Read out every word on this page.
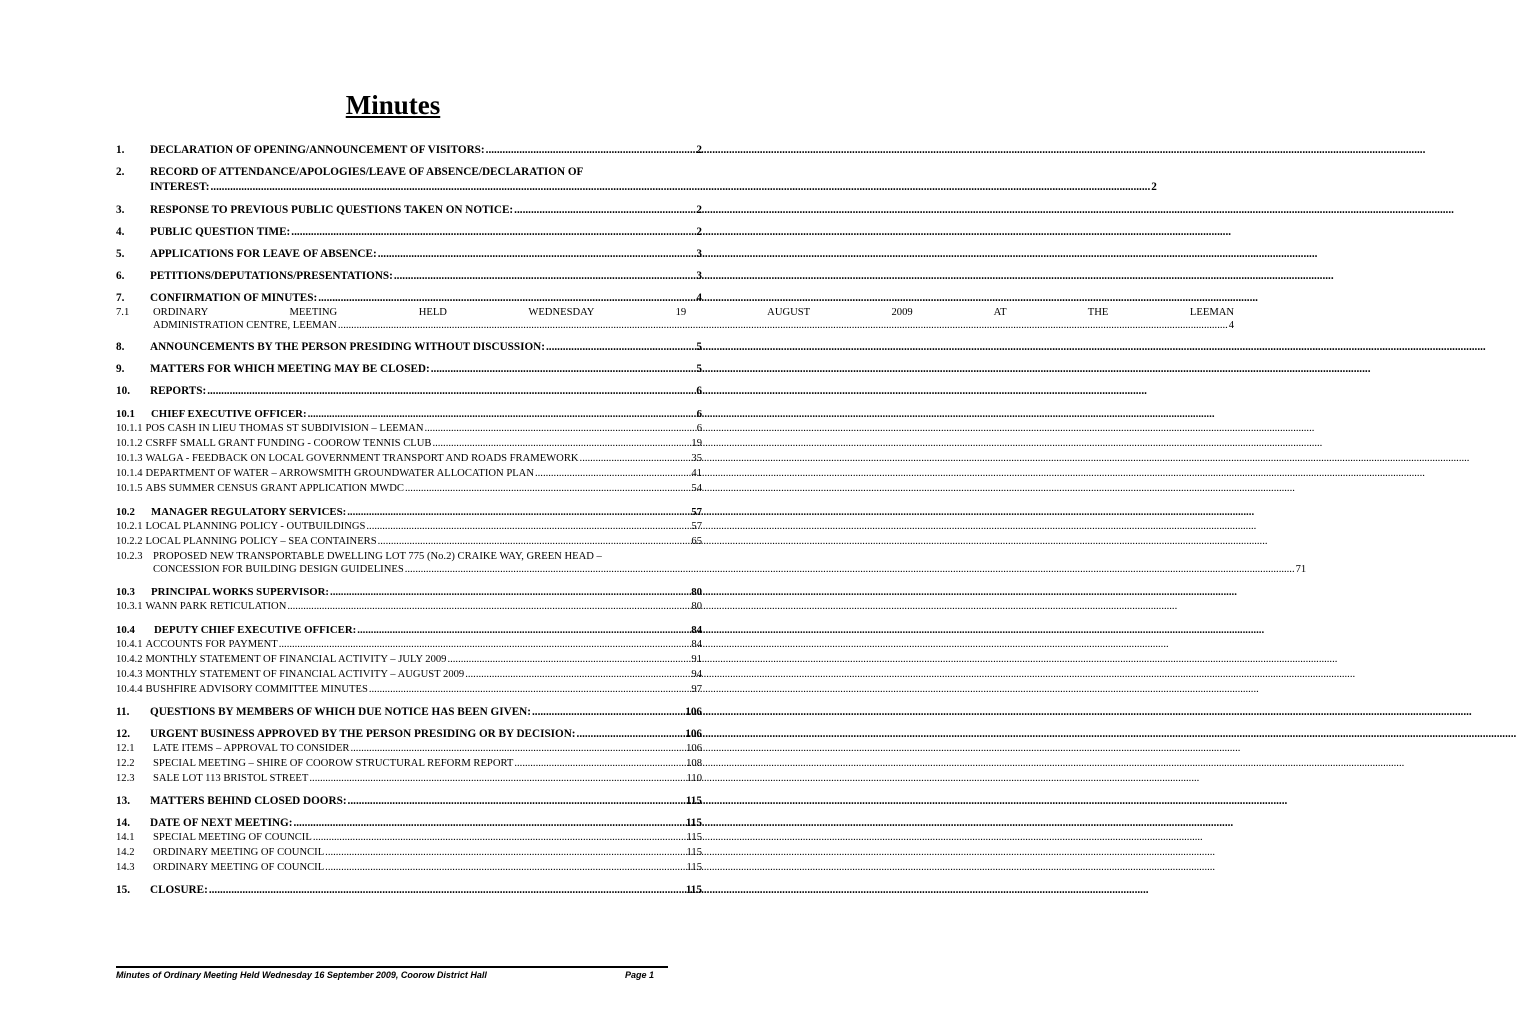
Minutes
1.	DECLARATION OF OPENING/ANNOUNCEMENT OF VISITORS: .....	2
2.	RECORD OF ATTENDANCE/APOLOGIES/LEAVE OF ABSENCE/DECLARATION OF
INTEREST: .....	2
3.	RESPONSE TO PREVIOUS PUBLIC QUESTIONS TAKEN ON NOTICE: .....	2
4.	PUBLIC QUESTION TIME: .....	2
5.	APPLICATIONS FOR LEAVE OF ABSENCE: .....	3
6.	PETITIONS/DEPUTATIONS/PRESENTATIONS: .....	3
7.	CONFIRMATION OF MINUTES: .....	4
7.1	ORDINARY MEETING HELD WEDNESDAY 19 AUGUST 2009 AT THE LEEMAN
ADMINISTRATION CENTRE, LEEMAN .....	4
8.	ANNOUNCEMENTS BY THE PERSON PRESIDING WITHOUT DISCUSSION: .....	5
9.	MATTERS FOR WHICH MEETING MAY BE CLOSED: .....	5
10.	REPORTS: .....	6
10.1	CHIEF EXECUTIVE OFFICER: .....	6
10.1.1 POS CASH IN LIEU THOMAS ST SUBDIVISION – LEEMAN .....	6
10.1.2 CSRFF SMALL GRANT FUNDING - COOROW TENNIS CLUB .....	19
10.1.3 WALGA - FEEDBACK ON LOCAL GOVERNMENT TRANSPORT AND ROADS FRAMEWORK .....	35
10.1.4 DEPARTMENT OF WATER – ARROWSMITH GROUNDWATER ALLOCATION PLAN .....	41
10.1.5 ABS SUMMER CENSUS GRANT APPLICATION MWDC .....	54
10.2	MANAGER REGULATORY SERVICES: .....	57
10.2.1 LOCAL PLANNING POLICY - OUTBUILDINGS .....	57
10.2.2 LOCAL PLANNING POLICY – SEA CONTAINERS .....	65
10.2.3 PROPOSED NEW TRANSPORTABLE DWELLING LOT 775 (No.2) CRAIKE WAY, GREEN HEAD –
CONCESSION FOR BUILDING DESIGN GUIDELINES .....	71
10.3	PRINCIPAL WORKS SUPERVISOR: .....	80
10.3.1 WANN PARK RETICULATION .....	80
10.4	DEPUTY CHIEF EXECUTIVE OFFICER: .....	84
10.4.1 ACCOUNTS FOR PAYMENT .....	84
10.4.2 MONTHLY STATEMENT OF FINANCIAL ACTIVITY – JULY 2009 .....	91
10.4.3 MONTHLY STATEMENT OF FINANCIAL ACTIVITY – AUGUST 2009 .....	94
10.4.4 BUSHFIRE ADVISORY COMMITTEE MINUTES .....	97
11.	QUESTIONS BY MEMBERS OF WHICH DUE NOTICE HAS BEEN GIVEN: .....	106
12.	URGENT BUSINESS APPROVED BY THE PERSON PRESIDING OR BY DECISION: .....	106
12.1	LATE ITEMS – APPROVAL TO CONSIDER .....	106
12.2	SPECIAL MEETING – SHIRE OF COOROW STRUCTURAL REFORM REPORT .....	108
12.3	SALE LOT 113 BRISTOL STREET .....	110
13.	MATTERS BEHIND CLOSED DOORS: .....	115
14.	DATE OF NEXT MEETING: .....	115
14.1	SPECIAL MEETING OF COUNCIL .....	115
14.2	ORDINARY MEETING OF COUNCIL .....	115
14.3	ORDINARY MEETING OF COUNCIL .....	115
15.	CLOSURE: .....	115
Minutes of Ordinary Meeting Held Wednesday 16 September 2009, Coorow District Hall	Page 1
